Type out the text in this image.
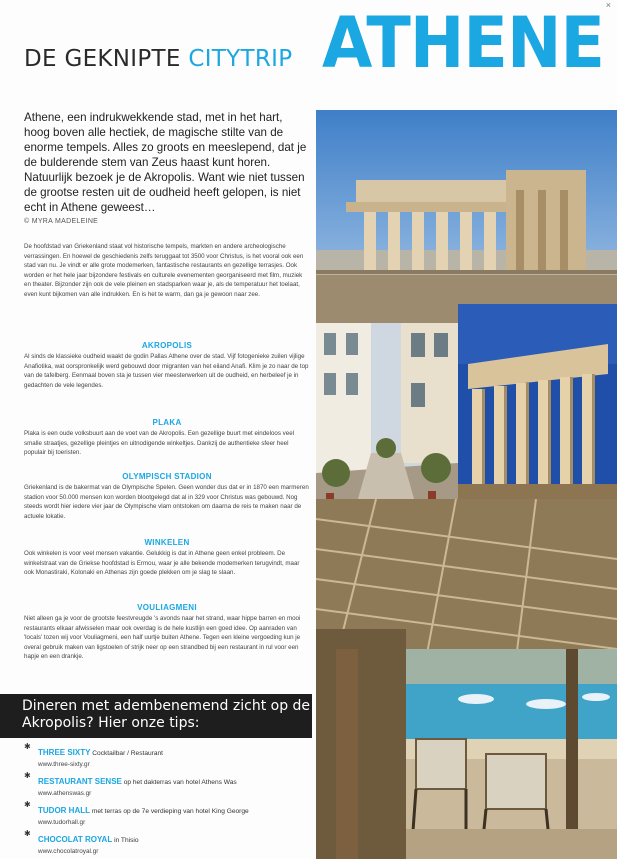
×
DE GEKNIPTE CITYTRIP ATHENE
Athene, een indrukwekkende stad, met in het hart, hoog boven alle hectiek, de magische stilte van de enorme tempels. Alles zo groots en meeslepend, dat je de bulderende stem van Zeus haast kunt horen. Natuurlijk bezoek je de Akropolis. Want wie niet tussen de grootse resten uit de oudheid heeft gelopen, is niet echt in Athene geweest…
© MYRA MADELEINE
De hoofdstad van Griekenland staat vol historische tempels, markten en andere archeologische verrassingen. En hoewel de geschiedenis zelfs teruggaat tot 3500 voor Christus, is het vooral ook een stad van nu. Je vindt er alle grote modemerken, fantastische restaurants en gezellige terrasjes. Ook worden er het hele jaar bijzondere festivals en culturele evenementen georganiseerd met film, muziek en theater. Bijzonder zijn ook de vele pleinen en stadsparken waar je, als de temperatuur het toelaat, even kunt bijkomen van alle indrukken. En is het te warm, dan ga je gewoon naar zee.
AKROPOLIS
Al sinds de klassieke oudheid waakt de godin Pallas Athene over de stad. Vijf fotogenieke zuilen vijlige Anafiotika, wat oorspronkelijk werd gebouwd door migranten van het eiland Anafi. Klim je zo naar de top van de tafelberg. Eenmaal boven sta je tussen vier meesterwerken uit de oudheid, en herbeleef je in gedachten de vele legendes.
PLAKA
Plaka is een oude volksbuurt aan de voet van de Akropolis. Een gezellige buurt met eindeloos veel smalle straatjes, gezellige pleintjes en uitnodigende winkeltjes. Dankzij de authentieke sfeer heel populair bij toeristen.
OLYMPISCH STADION
Griekenland is de bakermat van de Olympische Spelen. Geen wonder dus dat er in 1870 een marmeren stadion voor 50.000 mensen kon worden blootgelegd dat al in 329 voor Christus was gebouwd. Nog steeds wordt hier iedere vier jaar de Olympische vlam ontstoken om daarna de reis te maken naar de actuele lokatie.
WINKELEN
Ook winkelen is voor veel mensen vakantie. Gelukkig is dat in Athene geen enkel probleem. De winkelstraat van de Griekse hoofdstad is Ermou, waar je alle bekende modemerken terugvindt, maar ook Monastiraki, Kolonaki en Athenas zijn goede plekken om je slag te slaan.
VOULIAGMENI
Niet alleen ga je voor de grootste feestvreugde 's avonds naar het strand, waar hippe barren en mooi restaurants elkaar afwisselen maar ook overdag is de hele kustlijn een goed idee. Op aanraden van 'locals' tozen wij voor Vouliagmeni, een half uurtje buiten Athene. Tegen een kleine vergoeding kun je overal gebruik maken van ligstoelen of strijk neer op een strandbed bij een restaurant in rul voor een hapje en een drankje.
Dineren met adembenemend zicht op de Akropolis? Hier onze tips:
✱
THREE SIXTY Cocktailbar / Restaurant
www.three-sixty.gr
✱
RESTAURANT SENSE op het dakterras van hotel Athens Was
www.athenswas.gr
✱
TUDOR HALL met terras op de 7e verdieping van hotel King George
www.tudorhall.gr
✱
CHOCOLAT ROYAL in Thisio
www.chocolatroyal.gr
